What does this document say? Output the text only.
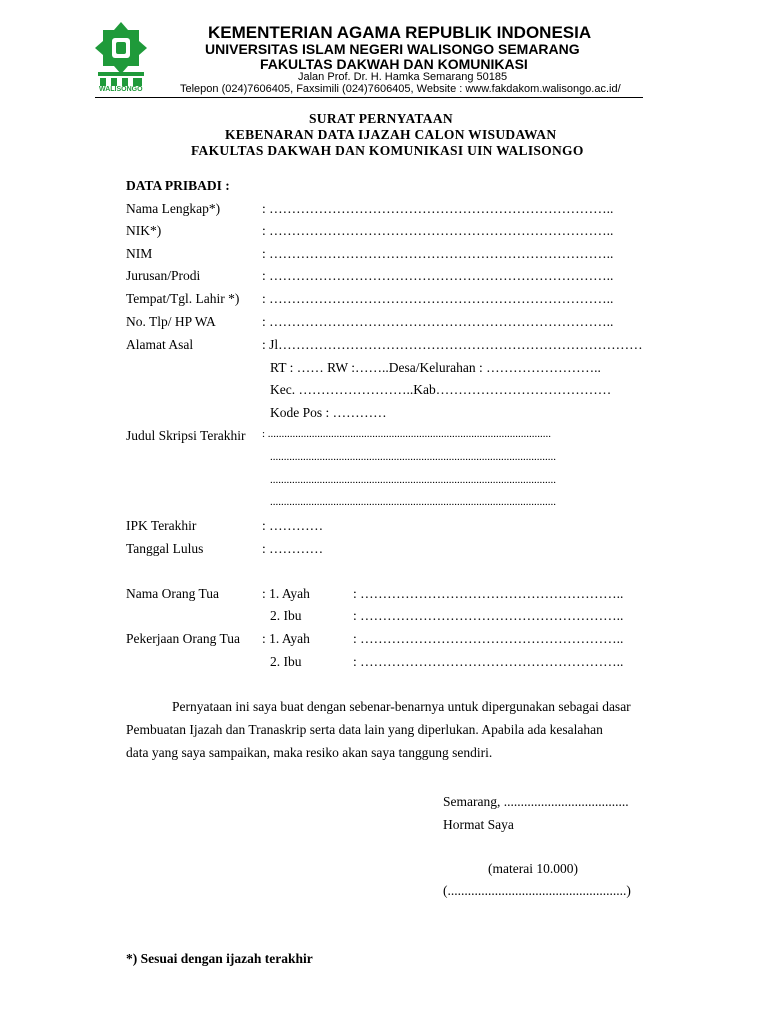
WALISONGO
KEMENTERIAN AGAMA REPUBLIK INDONESIA
UNIVERSITAS ISLAM NEGERI WALISONGO SEMARANG
FAKULTAS DAKWAH DAN KOMUNIKASI
Jalan Prof. Dr. H. Hamka Semarang 50185
Telepon (024)7606405, Faxsimili (024)7606405, Website : www.fakdakom.walisongo.ac.id/
SURAT PERNYATAAN
KEBENARAN DATA IJAZAH CALON WISUDAWAN
FAKULTAS DAKWAH DAN KOMUNIKASI UIN WALISONGO
DATA PRIBADI :
Nama Lengkap*)	: …………………………………………………………………..
NIK*)	: …………………………………………………………………..
NIM	: …………………………………………………………………..
Jurusan/Prodi	: …………………………………………………………………..
Tempat/Tgl. Lahir *) : …………………………………………………………………..
No. Tlp/ HP WA	: …………………………………………………………………..
Alamat Asal	: Jl………………………………………………………………………
RT : …… RW :……..Desa/Kelurahan : ……………………..
Kec. ……………………..Kab…………………………………
Kode Pos : …………
Judul Skripsi Terakhir : .......................................................................................................
........................................................................................................
........................................................................................................
........................................................................................................
IPK Terakhir	: …………
Tanggal Lulus	: …………
Nama Orang Tua	: 1. Ayah	: …………………………………………………..
2. Ibu	: …………………………………………………..
Pekerjaan Orang Tua : 1. Ayah	: …………………………………………………..
2. Ibu	: …………………………………………………..
Pernyataan ini saya buat dengan sebenar-benarnya untuk dipergunakan sebagai dasar
Pembuatan Ijazah dan Tranaskrip serta data lain yang diperlukan. Apabila ada kesalahan
data yang saya sampaikan, maka resiko akan saya tanggung sendiri.
Semarang, .....................................
Hormat Saya
(materai 10.000)
(.....................................................)
*) Sesuai dengan ijazah terakhir
